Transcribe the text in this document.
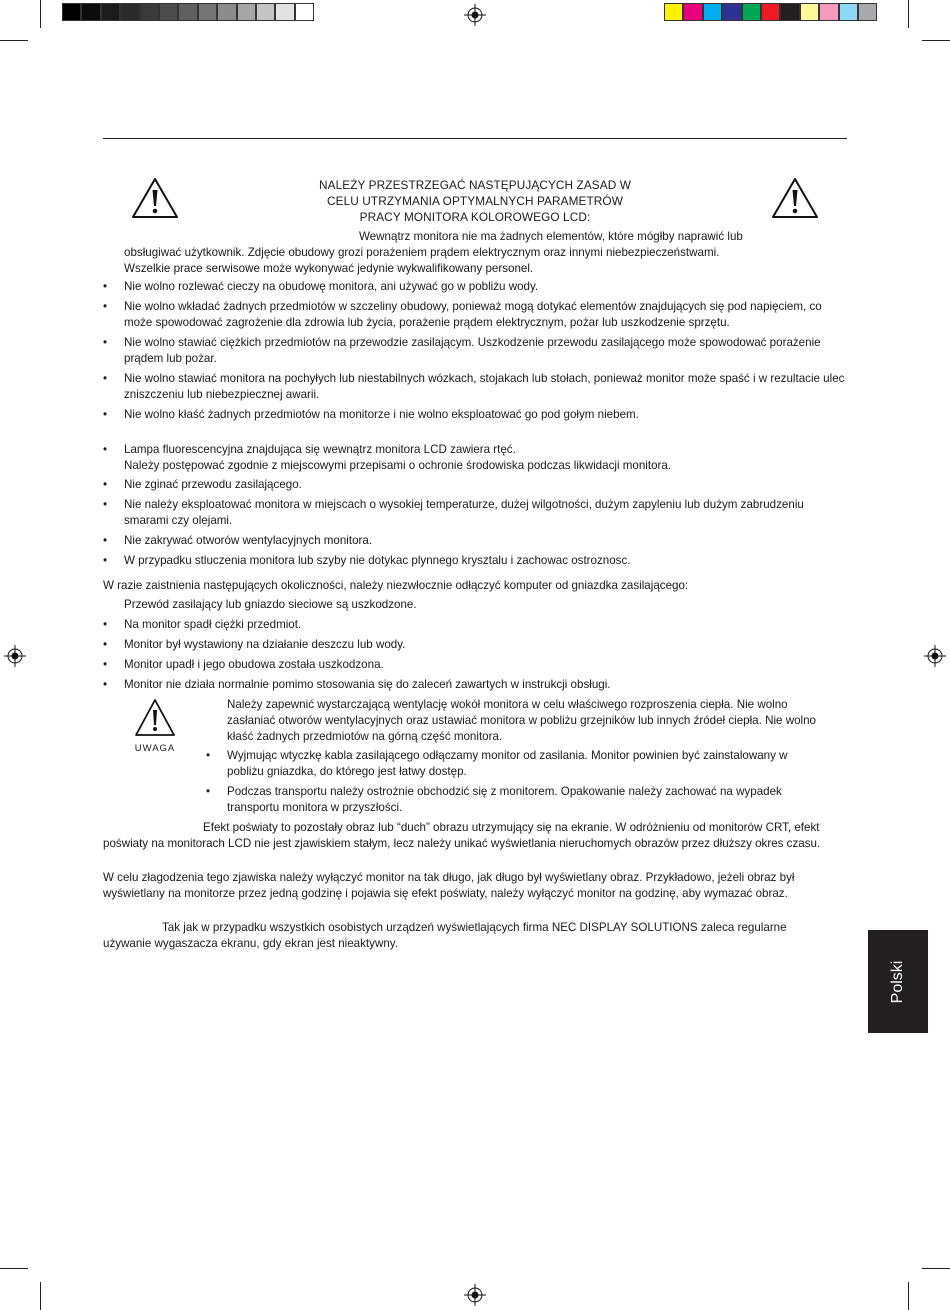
NALEŻY PRZESTRZEGAĆ NASTĘPUJĄCYCH ZASAD W
CELU UTRZYMANIA OPTYMALNYCH PARAMETRÓW
PRACY MONITORA KOLOROWEGO LCD:
Wewnątrz monitora nie ma żadnych elementów, które mógłby naprawić lub
obsługiwać użytkownik. Zdjęcie obudowy grozi porażeniem prądem elektrycznym oraz innymi niebezpieczeństwami.
Wszelkie prace serwisowe może wykonywać jedynie wykwalifikowany personel.
• Nie wolno rozlewać cieczy na obudowę monitora, ani używać go w pobliżu wody.
• Nie wolno wkładać żadnych przedmiotów w szczeliny obudowy, ponieważ mogą dotykać elementów znajdujących się pod napięciem, co może spowodować zagrożenie dla zdrowia lub życia, porażenie prądem elektrycznym, pożar lub uszkodzenie sprzętu.
• Nie wolno stawiać ciężkich przedmiotów na przewodzie zasilającym. Uszkodzenie przewodu zasilającego może spowodować porażenie prądem lub pożar.
• Nie wolno stawiać monitora na pochyłych lub niestabilnych wózkach, stojakach lub stołach, ponieważ monitor może spaść i w rezultacie ulec zniszczeniu lub niebezpiecznej awarii.
• Nie wolno kłaść żadnych przedmiotów na monitorze i nie wolno eksploatować go pod gołym niebem.
• Lampa fluorescencyjna znajdująca się wewnątrz monitora LCD zawiera rtęć.
Należy postępować zgodnie z miejscowymi przepisami o ochronie środowiska podczas likwidacji monitora.
• Nie zginać przewodu zasilającego.
• Nie należy eksploatować monitora w miejscach o wysokiej temperaturze, dużej wilgotności, dużym zapyleniu lub dużym zabrudzeniu smarami czy olejami.
• Nie zakrywać otworów wentylacyjnych monitora.
• W przypadku stluczenia monitora lub szyby nie dotykac plynnego krysztalu i zachowac ostroznosc.
W razie zaistnienia następujących okoliczności, należy niezwłocznie odłączyć komputer od gniazdka zasilającego:
Przewód zasilający lub gniazdo sieciowe są uszkodzone.
• Na monitor spadł ciężki przedmiot.
• Monitor był wystawiony na działanie deszczu lub wody.
• Monitor upadł i jego obudowa została uszkodzona.
• Monitor nie działa normalnie pomimo stosowania się do zaleceń zawartych w instrukcji obsługi.
UWAGA
Należy zapewnić wystarczającą wentylację wokół monitora w celu właściwego rozproszenia ciepła. Nie wolno zasłaniać otworów wentylacyjnych oraz ustawiać monitora w pobliżu grzejników lub innych źródeł ciepła. Nie wolno kłaść żadnych przedmiotów na górną część monitora.
• Wyjmując wtyczkę kabla zasilającego odłączamy monitor od zasilania. Monitor powinien być zainstalowany w pobliżu gniazdka, do którego jest łatwy dostęp.
• Podczas transportu należy ostrożnie obchodzić się z monitorem. Opakowanie należy zachować na wypadek transportu monitora w przyszłości.
Efekt poświaty to pozostały obraz lub “duch” obrazu utrzymujący się na ekranie. W odróżnieniu od monitorów CRT, efekt poświaty na monitorach LCD nie jest zjawiskiem stałym, lecz należy unikać wyświetlania nieruchomych obrazów przez dłuższy okres czasu.
W celu złagodzenia tego zjawiska należy wyłączyć monitor na tak długo, jak długo był wyświetlany obraz. Przykładowo, jeżeli obraz był wyświetlany na monitorze przez jedną godzinę i pojawia się efekt poświaty, należy wyłączyć monitor na godzinę, aby wymazać obraz.
Tak jak w przypadku wszystkich osobistych urządzeń wyświetlających firma NEC DISPLAY SOLUTIONS zaleca regularne używanie wygaszacza ekranu, gdy ekran jest nieaktywny.
Polski
